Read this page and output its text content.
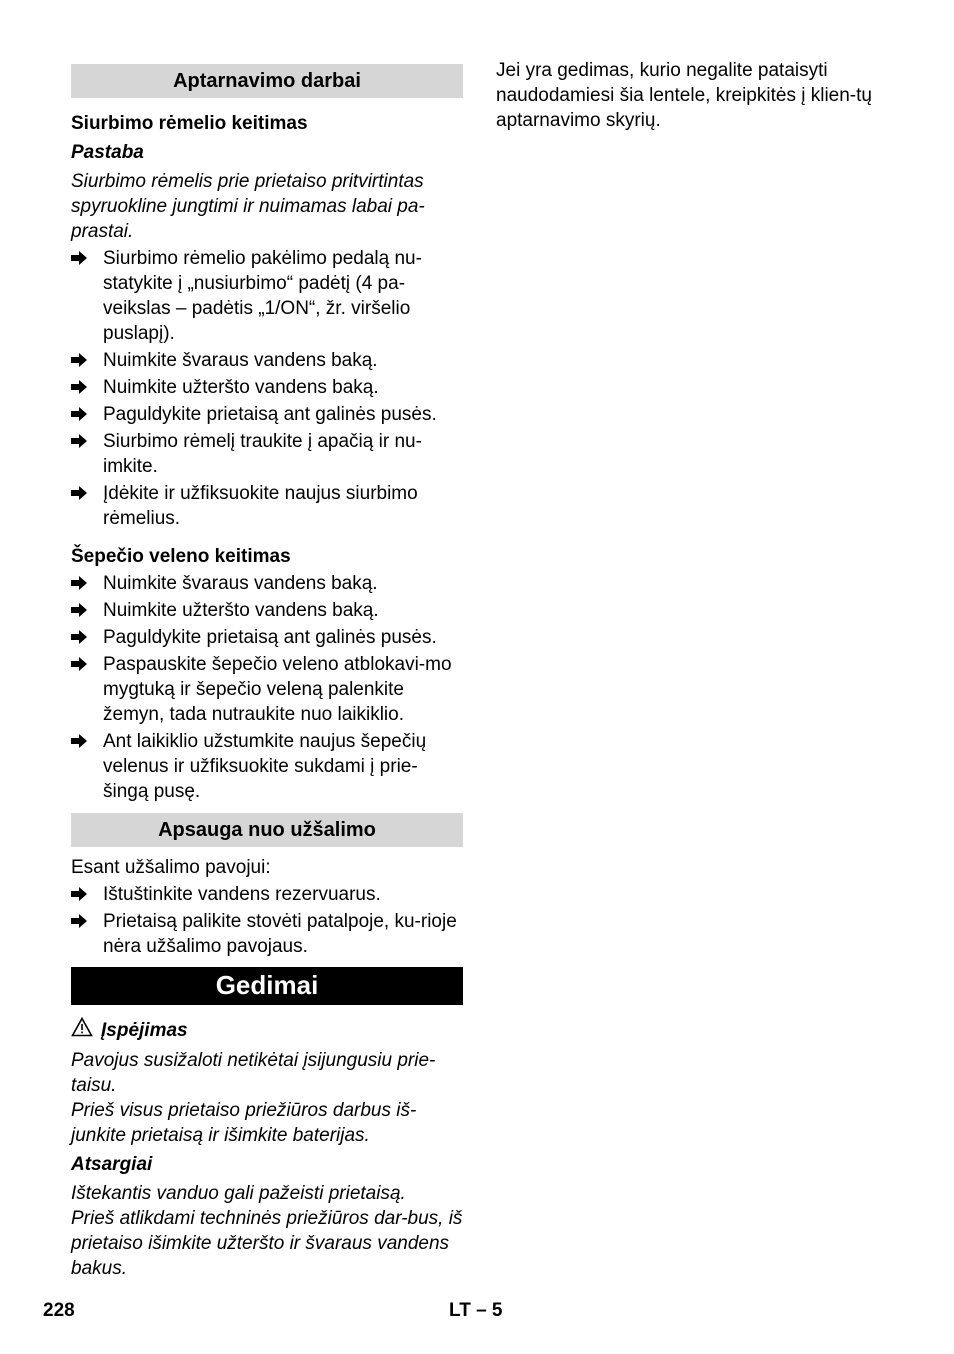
Aptarnavimo darbai
Siurbimo rėmelio keitimas
Pastaba
Siurbimo rėmelis prie prietaiso pritvirtintas spyruokline jungtimi ir nuimamas labai pa-prastai.
Siurbimo rėmelio pakėlimo pedalą nu-statykite į „nusiurbimo“ padėtį (4 pa-veikslas – padėtis „1/ON“, žr. viršelio puslapį).
Nuimkite švaraus vandens baką.
Nuimkite užteršto vandens baką.
Paguldykite prietaisą ant galinės pusės.
Siurbimo rėmelį traukite į apačią ir nu-imkite.
Įdėkite ir užfiksuokite naujus siurbimo rėmelius.
Šepečio veleno keitimas
Nuimkite švaraus vandens baką.
Nuimkite užteršto vandens baką.
Paguldykite prietaisą ant galinės pusės.
Paspauskite šepečio veleno atblokavi-mo mygtuką ir šepečio veleną palenkite žemyn, tada nutraukite nuo laikiklio.
Ant laikiklio užstumkite naujus šepečių velenus ir užfiksuokite sukdami į prie-šingą pusę.
Apsauga nuo užšalimo
Esant užšalimo pavojui:
Ištuštinkite vandens rezervuarus.
Prietaisą palikite stovėti patalpoje, ku-rioje nėra užšalimo pavojaus.
Gedimai
Įspėjimas
Pavojus susižaloti netikėtai įsijungusiu prie-taisu.
Prieš visus prietaiso priežiūros darbus iš-junkite prietaisą ir išimkite baterijas.
Atsargiai
Ištekantis vanduo gali pažeisti prietaisą.
Prieš atlikdami techninės priežiūros dar-bus, iš prietaiso išimkite užteršto ir švaraus vandens bakus.
Jei yra gedimas, kurio negalite pataisyti naudodamiesi šia lentele, kreipkitės į klien-tų aptarnavimo skyrių.
228	LT – 5
